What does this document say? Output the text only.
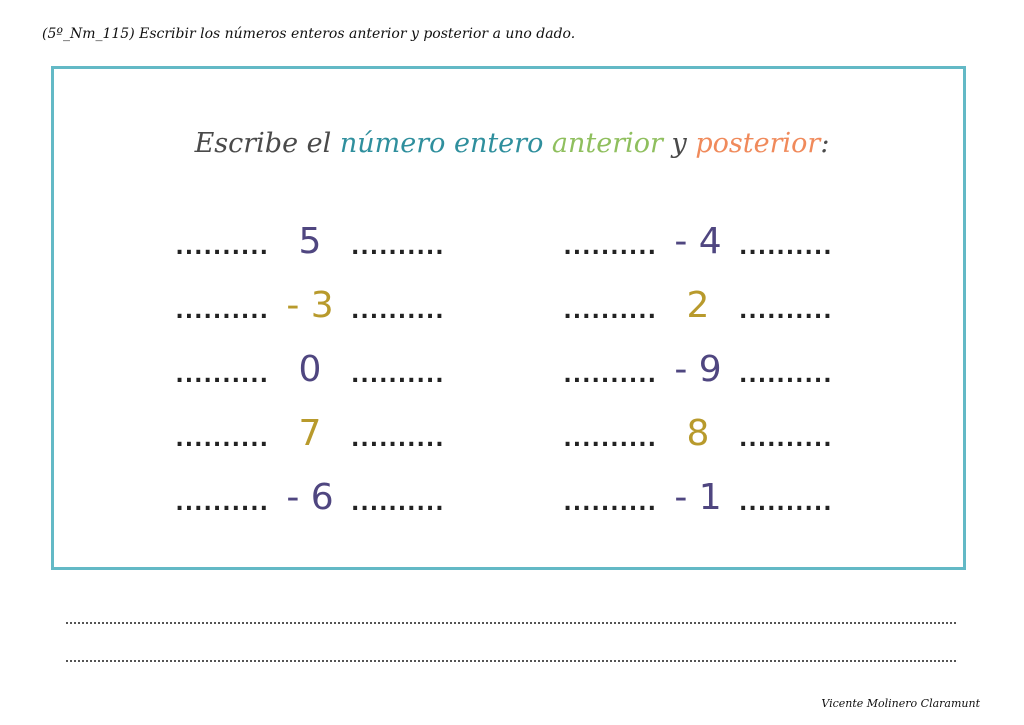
(5º_Nm_115) Escribir los números enteros anterior y posterior a uno dado.
Escribe el número entero anterior y posterior:
.......... 5	..........
.......... - 3 ..........
.......... 0	..........
.......... 7	..........
.......... - 6 ..........
.......... - 4 ..........
.......... 2	..........
.......... - 9 ..........
.......... 8	..........
.......... - 1 ..........
Vicente Molinero Claramunt
